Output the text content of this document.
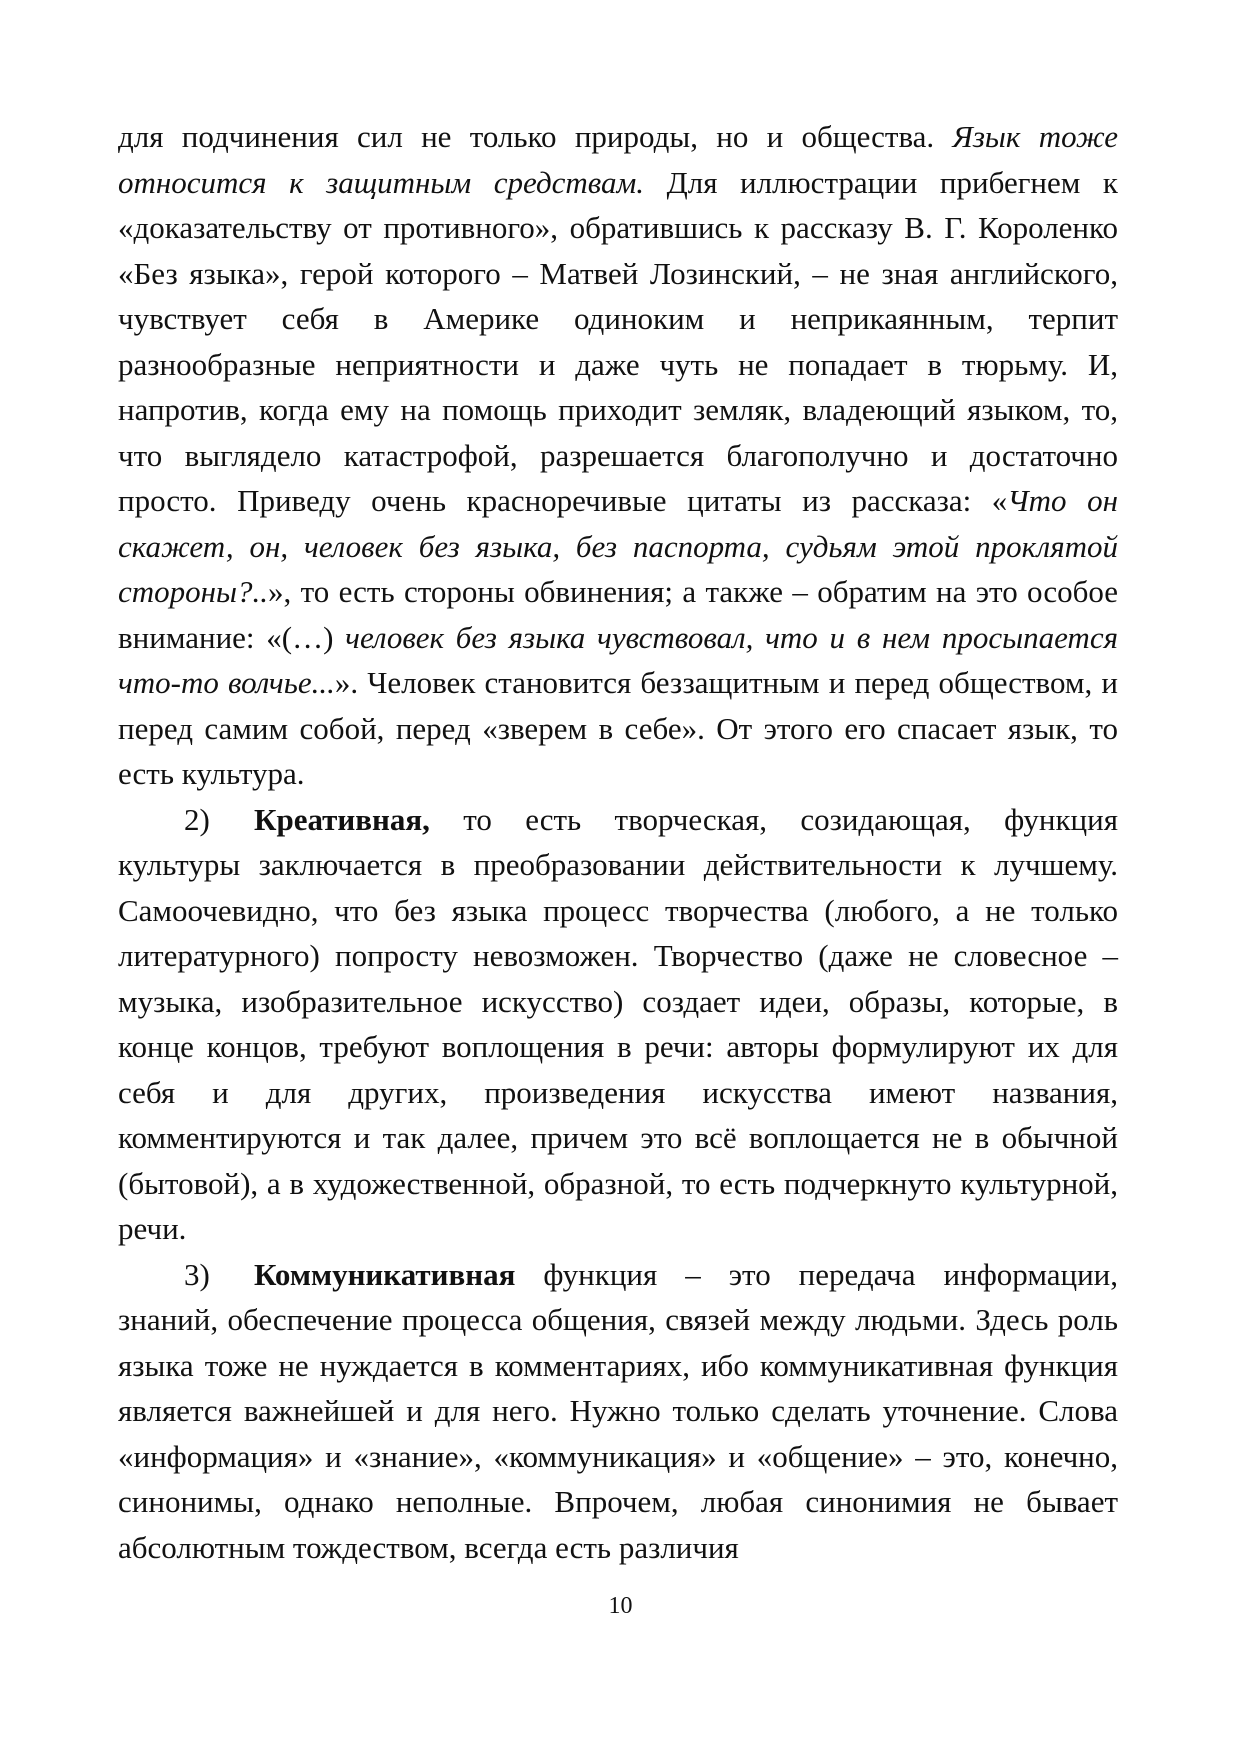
для подчинения сил не только природы, но и общества. Язык тоже относится к защитным средствам. Для иллюстрации прибегнем к «доказательству от противного», обратившись к рассказу В. Г. Короленко «Без языка», герой которого – Матвей Лозинский, – не зная английского, чувствует себя в Америке одиноким и неприкаянным, терпит разнообразные неприятности и даже чуть не попадает в тюрьму. И, напротив, когда ему на помощь приходит земляк, владеющий языком, то, что выглядело катастрофой, разрешается благополучно и достаточно просто. Приведу очень красноречивые цитаты из рассказа: «Что он скажет, он, человек без языка, без паспорта, судьям этой проклятой стороны?..», то есть стороны обвинения; а также – обратим на это особое внимание: «(…) человек без языка чувствовал, что и в нем просыпается что-то волчье...». Человек становится беззащитным и перед обществом, и перед самим собой, перед «зверем в себе». От этого его спасает язык, то есть культура.

2) Креативная, то есть творческая, созидающая, функция культуры заключается в преобразовании действительности к лучшему. Самоочевидно, что без языка процесс творчества (любого, а не только литературного) попросту невозможен. Творчество (даже не словесное – музыка, изобразительное искусство) создает идеи, образы, которые, в конце концов, требуют воплощения в речи: авторы формулируют их для себя и для других, произведения искусства имеют названия, комментируются и так далее, причем это всё воплощается не в обычной (бытовой), а в художественной, образной, то есть подчеркнуто культурной, речи.

3) Коммуникативная функция – это передача информации, знаний, обеспечение процесса общения, связей между людьми. Здесь роль языка тоже не нуждается в комментариях, ибо коммуникативная функция является важнейшей и для него. Нужно только сделать уточнение. Слова «информация» и «знание», «коммуникация» и «общение» – это, конечно, синонимы, однако неполные. Впрочем, любая синонимия не бывает абсолютным тождеством, всегда есть различия

10
